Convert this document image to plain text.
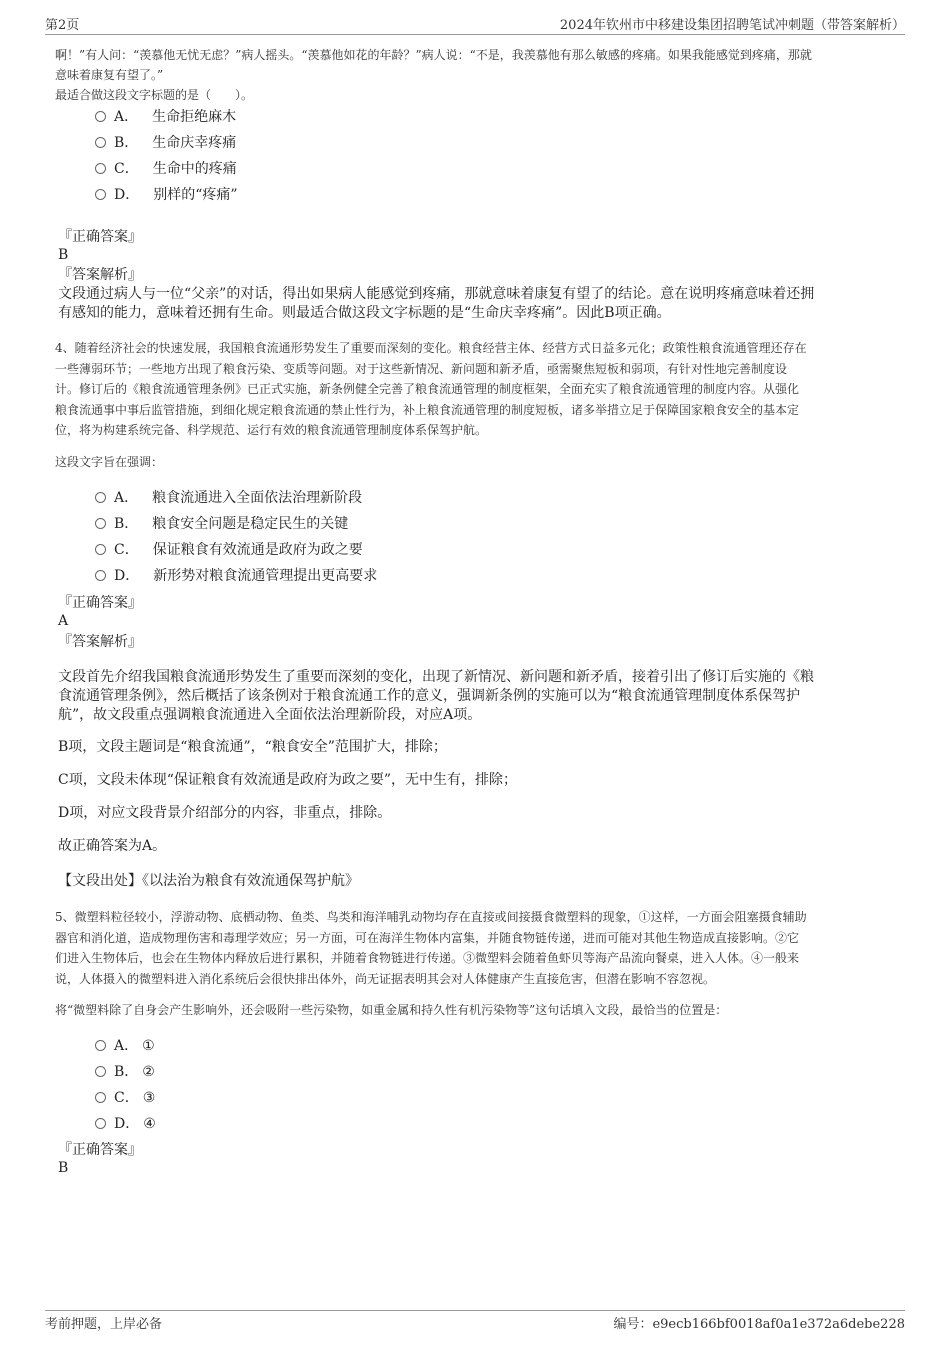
第2页	2024年钦州市中移建设集团招聘笔试冲刺题（带答案解析）
啊！”有人问：“羡慕他无忧无虑？”病人摇头。“羡慕他如花的年龄？”病人说：“不是，我羡慕他有那么敏感的疼痛。如果我能感觉到疼痛，那就
意味着康复有望了。”
最适合做这段文字标题的是（　　）。
A． 生命拒绝麻木
B． 生命庆幸疼痛
C． 生命中的疼痛
D． 别样的“疼痛”
『正确答案』
B
『答案解析』
文段通过病人与一位“父亲”的对话，得出如果病人能感觉到疼痛，那就意味着康复有望了的结论。意在说明疼痛意味着还拥
有感知的能力，意味着还拥有生命。则最适合做这段文字标题的是“生命庆幸疼痛”。因此B项正确。
4、随着经济社会的快速发展，我国粮食流通形势发生了重要而深刻的变化。粮食经营主体、经营方式日益多元化；政策性粮食流通管理还存在
一些薄弱环节；一些地方出现了粮食污染、变质等问题。对于这些新情况、新问题和新矛盾，亟需聚焦短板和弱项，有针对性地完善制度设
计。修订后的《粮食流通管理条例》已正式实施，新条例健全完善了粮食流通管理的制度框架，全面充实了粮食流通管理的制度内容。从强化
粮食流通事中事后监管措施，到细化规定粮食流通的禁止性行为，补上粮食流通管理的制度短板，诸多举措立足于保障国家粮食安全的基本定
位，将为构建系统完备、科学规范、运行有效的粮食流通管理制度体系保驾护航。
这段文字旨在强调：
A． 粮食流通进入全面依法治理新阶段
B． 粮食安全问题是稳定民生的关键
C． 保证粮食有效流通是政府为政之要
D． 新形势对粮食流通管理提出更高要求
『正确答案』
A
『答案解析』
文段首先介绍我国粮食流通形势发生了重要而深刻的变化，出现了新情况、新问题和新矛盾，接着引出了修订后实施的《粮
食流通管理条例》，然后概括了该条例对于粮食流通工作的意义，强调新条例的实施可以为“粮食流通管理制度体系保驾护
航”，故文段重点强调粮食流通进入全面依法治理新阶段，对应A项。
B项，文段主题词是“粮食流通”，“粮食安全”范围扩大，排除；
C项，文段未体现“保证粮食有效流通是政府为政之要”，无中生有，排除；
D项，对应文段背景介绍部分的内容，非重点，排除。
故正确答案为A。
【文段出处】《以法治为粮食有效流通保驾护航》
5、微塑料粒径较小，浮游动物、底栖动物、鱼类、鸟类和海洋哺乳动物均存在直接或间接摄食微塑料的现象，①这样，一方面会阻塞摄食辅助
器官和消化道，造成物理伤害和毒理学效应；另一方面，可在海洋生物体内富集，并随食物链传递，进而可能对其他生物造成直接影响。②它
们进入生物体后，也会在生物体内释放后进行累积，并随着食物链进行传递。③微塑料会随着鱼虾贝等海产品流向餐桌，进入人体。④一般来
说，人体摄入的微塑料进入消化系统后会很快排出体外，尚无证据表明其会对人体健康产生直接危害，但潜在影响不容忽视。
将“微塑料除了自身会产生影响外，还会吸附一些污染物，如重金属和持久性有机污染物等”这句话填入文段，最恰当的位置是：
A． ①
B． ②
C． ③
D． ④
『正确答案』
B
考前押题，上岸必备	编号：e9ecb166bf0018af0a1e372a6debe228
